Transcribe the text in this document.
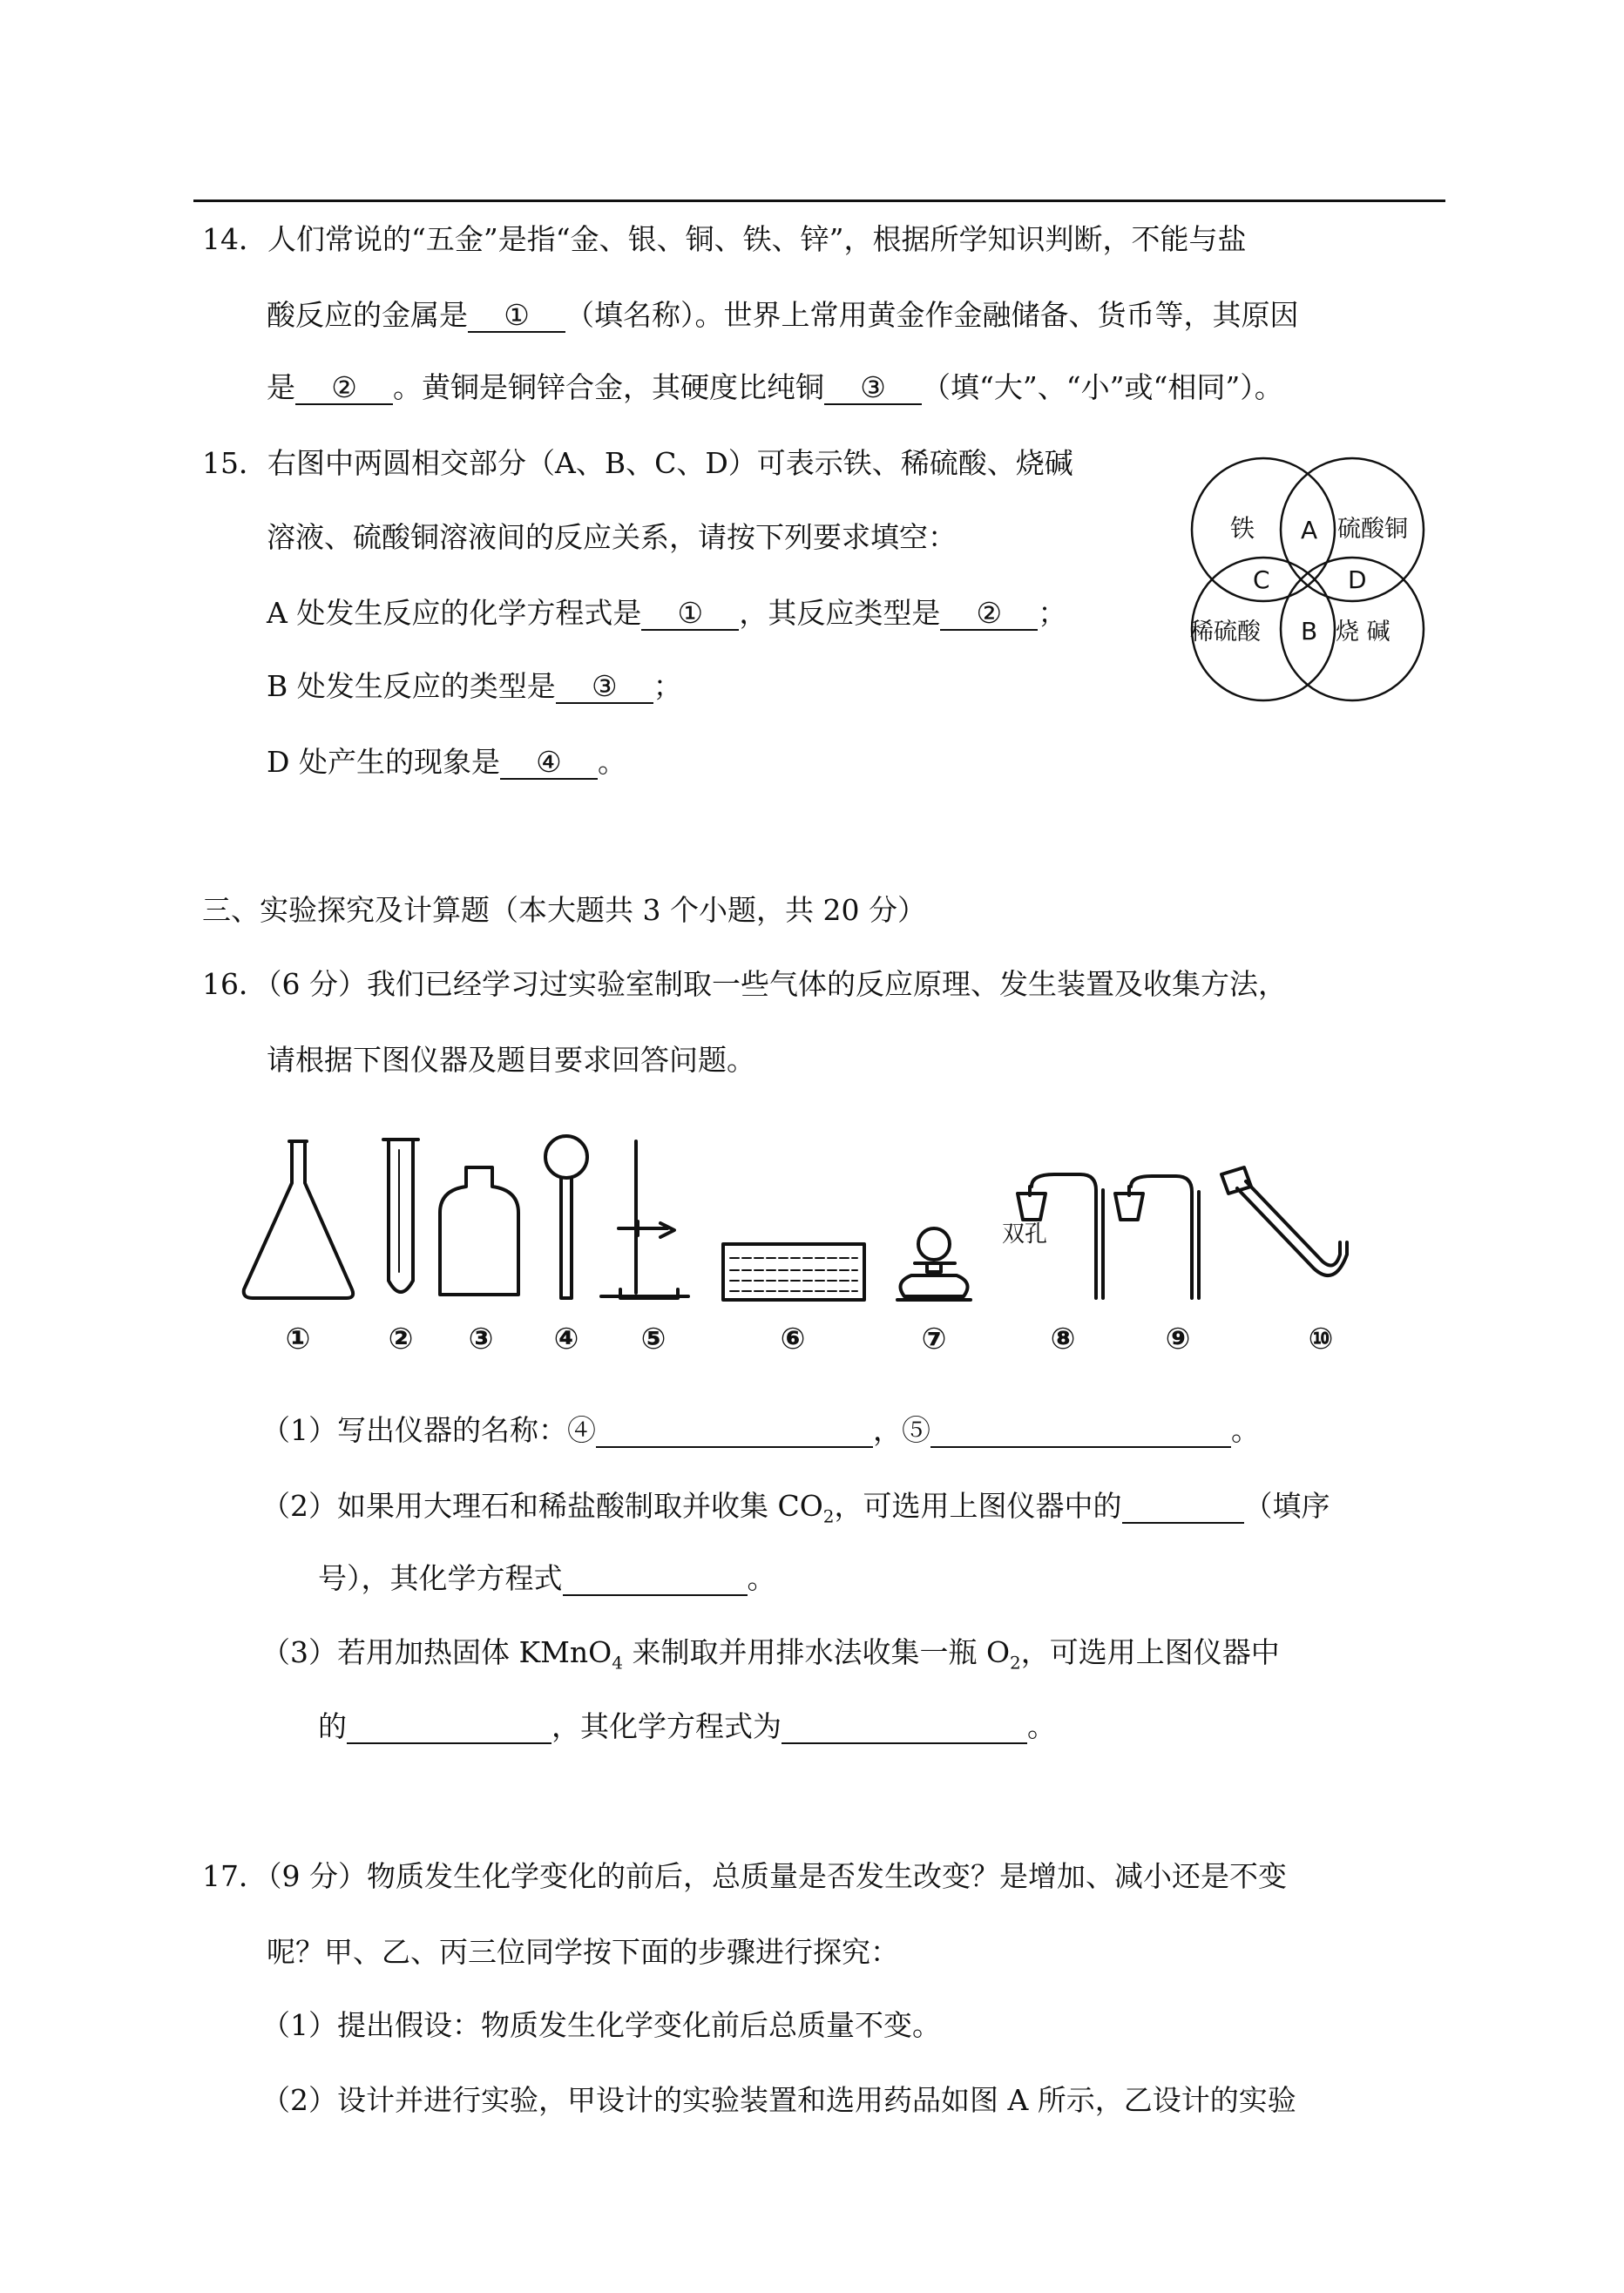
14．人们常说的“五金”是指“金、银、铜、铁、锌”，根据所学知识判断，不能与盐
酸反应的金属是 ① （填名称）。世界上常用黄金作金融储备、货币等，其原因
是 ② 。黄铜是铜锌合金，其硬度比纯铜 ③ （填“大”、“小”或“相同”）。
15．右图中两圆相交部分（A、B、C、D）可表示铁、稀硫酸、烧碱
溶液、硫酸铜溶液间的反应关系，请按下列要求填空：
A 处发生反应的化学方程式是 ① ，其反应类型是 ② ；
B 处发生反应的类型是 ③ ；
D 处产生的现象是 ④ 。
铁	硫酸铜
稀硫酸	烧 碱
A
B
C	D
三、实验探究及计算题（本大题共 3 个小题，共 20 分）
16．（6 分）我们已经学习过实验室制取一些气体的反应原理、发生装置及收集方法，
请根据下图仪器及题目要求回答问题。
双孔
①	② ③ ④ ⑤	⑥	⑦	⑧	⑨	⑩
（1）写出仪器的名称：④	，⑤	。
（2）如果用大理石和稀盐酸制取并收集 $CO_2$，可选用上图仪器中的	（填序
号），其化学方程式	。
（3）若用加热固体 KMnO$_4$ 来制取并用排水法收集一瓶 $O_2$，可选用上图仪器中
的	，其化学方程式为	。
17．（9 分）物质发生化学变化的前后，总质量是否发生改变？是增加、减小还是不变
呢？甲、乙、丙三位同学按下面的步骤进行探究：
（1）提出假设：物质发生化学变化前后总质量不变。
（2）设计并进行实验，甲设计的实验装置和选用药品如图 A 所示，乙设计的实验
